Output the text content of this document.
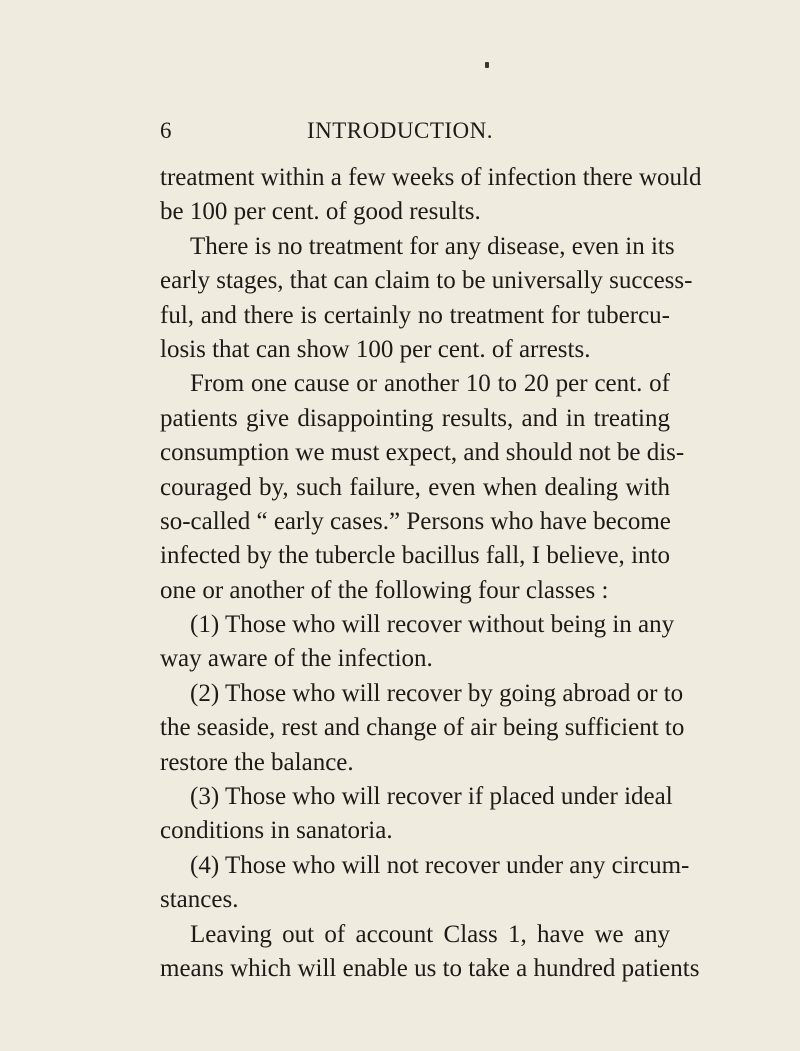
6	INTRODUCTION.
treatment within a few weeks of infection there would
be 100 per cent. of good results.
There is no treatment for any disease, even in its
early stages, that can claim to be universally success-
ful, and there is certainly no treatment for tubercu-
losis that can show 100 per cent. of arrests.
From one cause or another 10 to 20 per cent. of
patients give disappointing results, and in treating
consumption we must expect, and should not be dis-
couraged by, such failure, even when dealing with
so-called “ early cases.” Persons who have become
infected by the tubercle bacillus fall, I believe, into
one or another of the following four classes :
(1) Those who will recover without being in any
way aware of the infection.
(2) Those who will recover by going abroad or to
the seaside, rest and change of air being sufficient to
restore the balance.
(3) Those who will recover if placed under ideal
conditions in sanatoria.
(4) Those who will not recover under any circum-
stances.
Leaving out of account Class 1, have we any
means which will enable us to take a hundred patients
